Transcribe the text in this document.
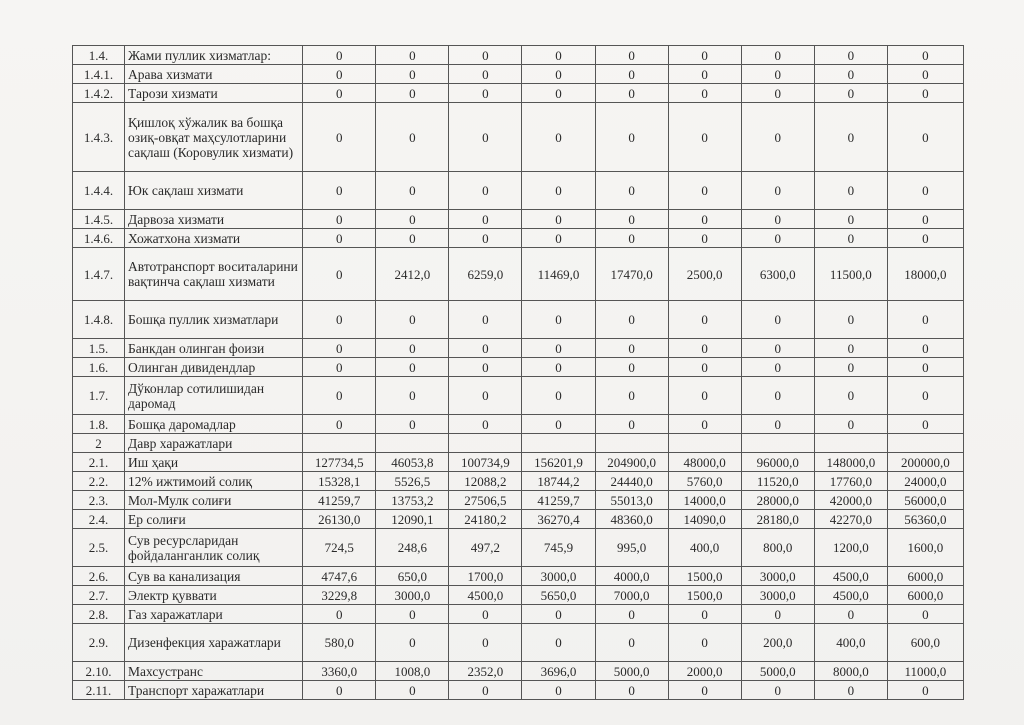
1.4.	Жами пуллик хизматлар:	0	0	0	0	0	0	0	0	0
1.4.1.	Арава хизмати	0	0	0	0	0	0	0	0	0
1.4.2.	Тарози хизмати	0	0	0	0	0	0	0	0	0
1.4.3.	Қишлоқ хўжалик ва бошқа озиқ-овқат маҳсулотларини сақлаш (Коровулик хизмати)	0	0	0	0	0	0	0	0	0
1.4.4.	Юк сақлаш хизмати	0	0	0	0	0	0	0	0	0
1.4.5.	Дарвоза хизмати	0	0	0	0	0	0	0	0	0
1.4.6.	Хожатхона хизмати	0	0	0	0	0	0	0	0	0
1.4.7.	Автотранспорт воситаларини вақтинча сақлаш хизмати	0	2412,0	6259,0	11469,0	17470,0	2500,0	6300,0	11500,0	18000,0
1.4.8.	Бошқа пуллик хизматлари	0	0	0	0	0	0	0	0	0
1.5.	Банкдан олинган фоизи	0	0	0	0	0	0	0	0	0
1.6.	Олинган дивидендлар	0	0	0	0	0	0	0	0	0
1.7.	Дўконлар сотилишидан даромад	0	0	0	0	0	0	0	0	0
1.8.	Бошқа даромадлар	0	0	0	0	0	0	0	0	0
2	Давр харажатлари									
2.1.	Иш ҳақи	127734,5	46053,8	100734,9	156201,9	204900,0	48000,0	96000,0	148000,0	200000,0
2.2.	12% ижтимоий солиқ	15328,1	5526,5	12088,2	18744,2	24440,0	5760,0	11520,0	17760,0	24000,0
2.3.	Мол-Мулк солиғи	41259,7	13753,2	27506,5	41259,7	55013,0	14000,0	28000,0	42000,0	56000,0
2.4.	Ер солиғи	26130,0	12090,1	24180,2	36270,4	48360,0	14090,0	28180,0	42270,0	56360,0
2.5.	Сув ресурсларидан фойдаланганлик солиқ	724,5	248,6	497,2	745,9	995,0	400,0	800,0	1200,0	1600,0
2.6.	Сув ва канализация	4747,6	650,0	1700,0	3000,0	4000,0	1500,0	3000,0	4500,0	6000,0
2.7.	Электр қуввати	3229,8	3000,0	4500,0	5650,0	7000,0	1500,0	3000,0	4500,0	6000,0
2.8.	Газ харажатлари	0	0	0	0	0	0	0	0	0
2.9.	Дизенфекция харажатлари	580,0	0	0	0	0	0	200,0	400,0	600,0
2.10.	Махсустранс	3360,0	1008,0	2352,0	3696,0	5000,0	2000,0	5000,0	8000,0	11000,0
2.11.	Транспорт харажатлари	0	0	0	0	0	0	0	0	0
